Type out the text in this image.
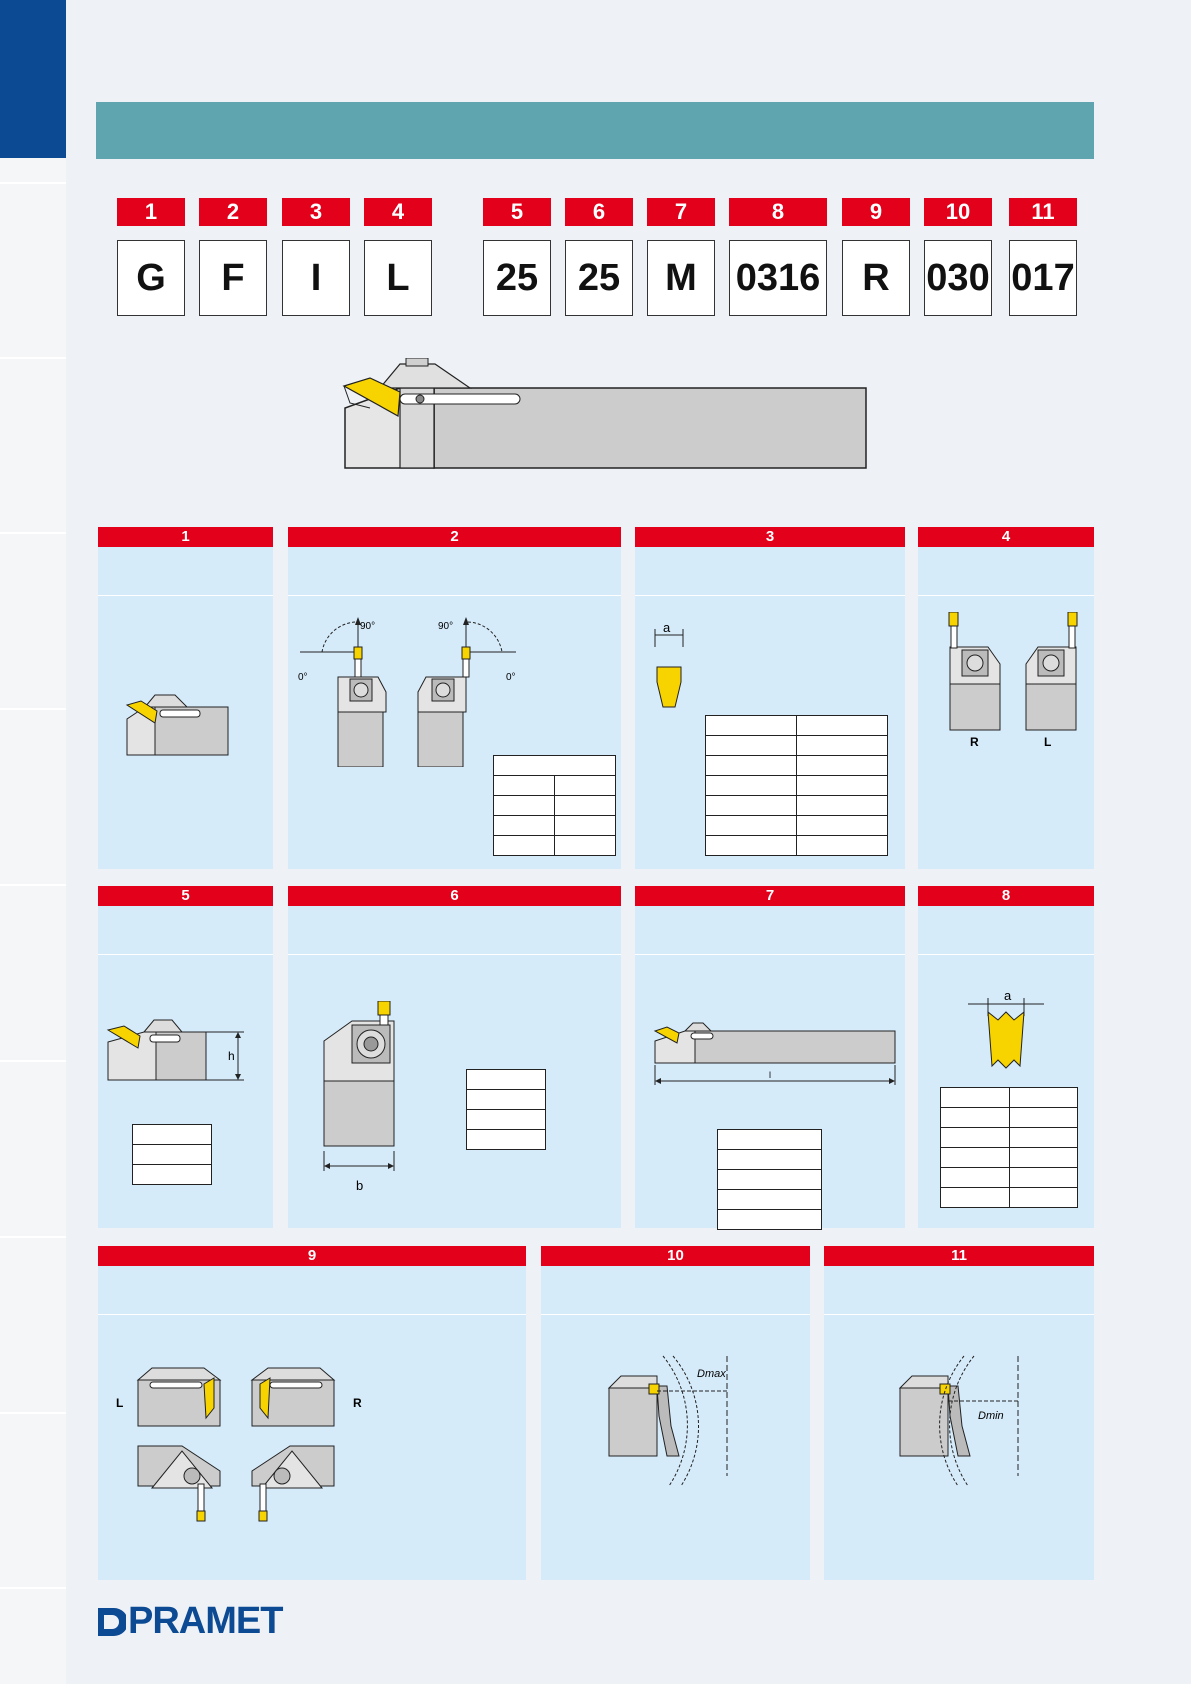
1	2	3	4	5	6	7	8	9	10	11
G	F	I	L	25	25	M	0316	R 030 017
1	2
90°
0°
90°
0°

3
a

4
R	L
5
h

6
b

7
l

8
a

9
L	R
10
Dmax
11
Dmin
PRAMET
